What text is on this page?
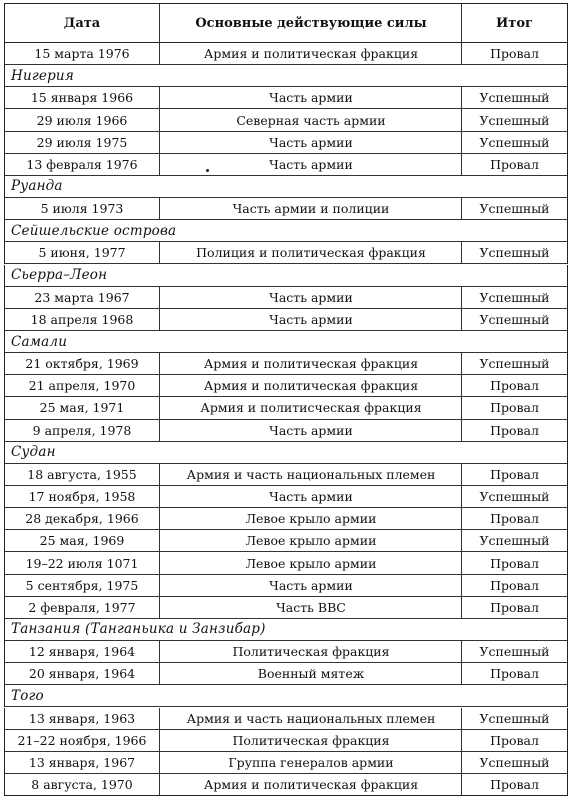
Дата	Основные действующие силы	Итог
15 марта 1976	Армия и политическая фракция	Провал
Нигерия
15 января 1966	Часть армии	Успешный
29 июля 1966	Северная часть армии	Успешный
29 июля 1975	Часть армии	Успешный
13 февраля 1976	Часть армии	Провал
Руанда
5 июля 1973	Часть армии и полиции	Успешный
Сейшельские острова
5 июня, 1977	Полиция и политическая фракция	Успешный
Сьерра–Леон
23 марта 1967	Часть армии	Успешный
18 апреля 1968	Часть армии	Успешный
Самали
21 октября, 1969	Армия и политическая фракция	Успешный
21 апреля, 1970	Армия и политическая фракция	Провал
25 мая, 1971	Армия и политисческая фракция	Провал
9 апреля, 1978	Часть армии	Провал
Судан
18 августа, 1955	Армия и часть национальных племен	Провал
17 ноября, 1958	Часть армии	Успешный
28 декабря, 1966	Левое крыло армии	Провал
25 мая, 1969	Левое крыло армии	Успешный
19–22 июля 1071	Левое крыло армии	Провал
5 сентября, 1975	Часть армии	Провал
2 февраля, 1977	Часть ВВС	Провал
Танзания (Танганьика и Занзибар)
12 января, 1964	Политическая фракция	Успешный
20 января, 1964	Военный мятеж	Провал
Того
13 января, 1963	Армия и часть национальных племен	Успешный
21–22 ноября, 1966	Политическая фракция	Провал
13 января, 1967	Группа генералов армии	Успешный
8 августа, 1970	Армия и политическая фракция	Провал
